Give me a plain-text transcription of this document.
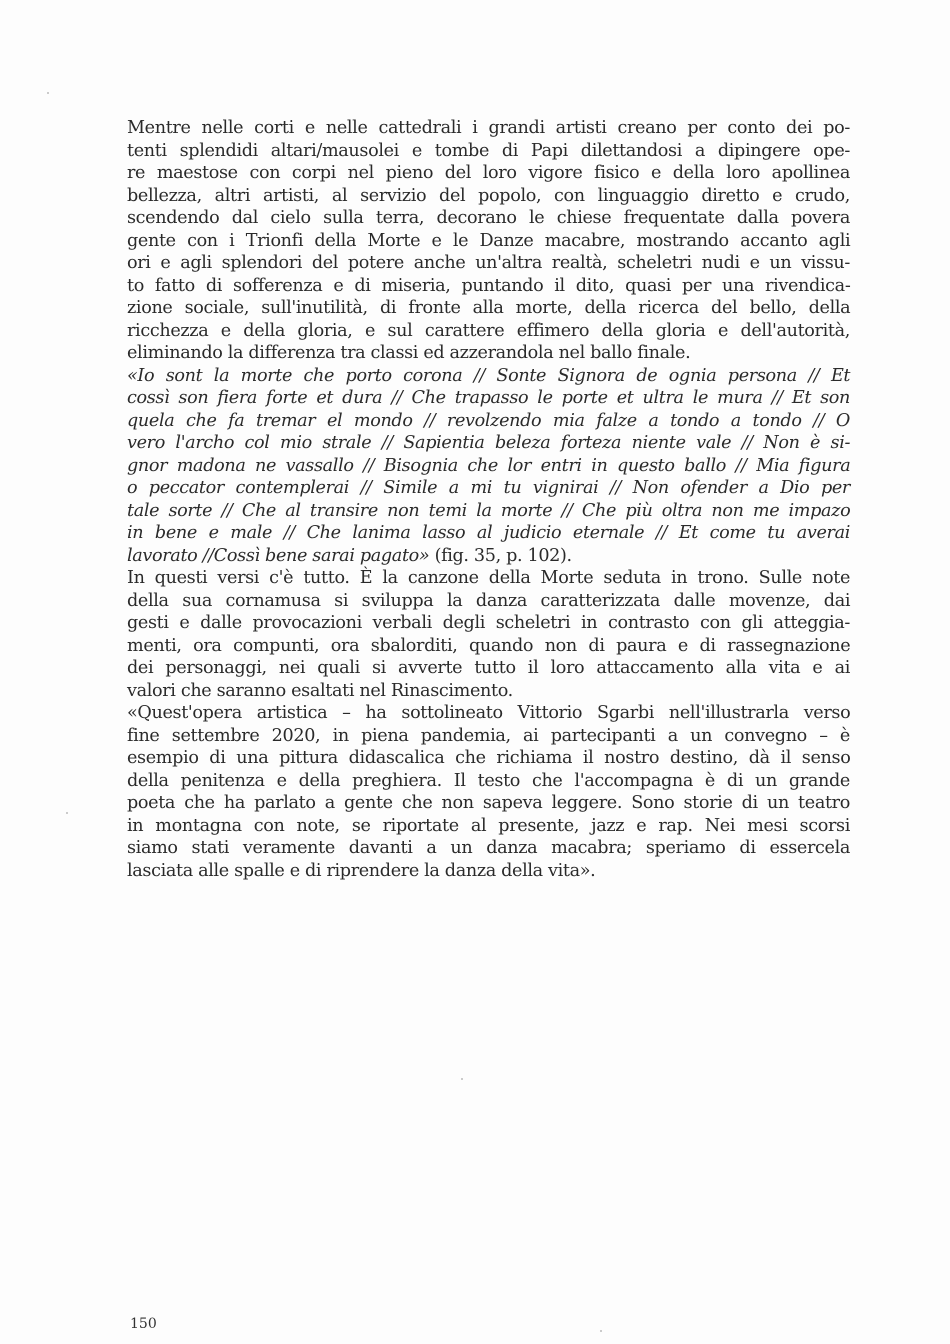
Mentre nelle corti e nelle cattedrali i grandi artisti creano per conto dei po-
tenti splendidi altari/mausolei e tombe di Papi dilettandosi a dipingere ope-
re maestose con corpi nel pieno del loro vigore fisico e della loro apollinea
bellezza, altri artisti, al servizio del popolo, con linguaggio diretto e crudo,
scendendo dal cielo sulla terra, decorano le chiese frequentate dalla povera
gente con i Trionfi della Morte e le Danze macabre, mostrando accanto agli
ori e agli splendori del potere anche un'altra realtà, scheletri nudi e un vissu-
to fatto di sofferenza e di miseria, puntando il dito, quasi per una rivendica-
zione sociale, sull'inutilità, di fronte alla morte, della ricerca del bello, della
ricchezza e della gloria, e sul carattere effimero della gloria e dell'autorità,
eliminando la differenza tra classi ed azzerandola nel ballo finale.
«Io sont la morte che porto corona // Sonte Signora de ognia persona // Et
cossì son fiera forte et dura // Che trapasso le porte et ultra le mura // Et son
quela che fa tremar el mondo // revolzendo mia falze a tondo a tondo // O
vero l'archo col mio strale // Sapientia beleza forteza niente vale // Non è si-
gnor madona ne vassallo // Bisognia che lor entri in questo ballo // Mia figura
o peccator contemplerai // Simile a mi tu vignirai // Non ofender a Dio per
tale sorte // Che al transire non temi la morte // Che più oltra non me impazo
in bene e male // Che lanima lasso al judicio eternale // Et come tu averai
lavorato //Cossì bene sarai pagato» (fig. 35, p. 102).
In questi versi c'è tutto. È la canzone della Morte seduta in trono. Sulle note
della sua cornamusa si sviluppa la danza caratterizzata dalle movenze, dai
gesti e dalle provocazioni verbali degli scheletri in contrasto con gli atteggia-
menti, ora compunti, ora sbalorditi, quando non di paura e di rassegnazione
dei personaggi, nei quali si avverte tutto il loro attaccamento alla vita e ai
valori che saranno esaltati nel Rinascimento.
«Quest'opera artistica – ha sottolineato Vittorio Sgarbi nell'illustrarla verso
fine settembre 2020, in piena pandemia, ai partecipanti a un convegno – è
esempio di una pittura didascalica che richiama il nostro destino, dà il senso
della penitenza e della preghiera. Il testo che l'accompagna è di un grande
poeta che ha parlato a gente che non sapeva leggere. Sono storie di un teatro
in montagna con note, se riportate al presente, jazz e rap. Nei mesi scorsi
siamo stati veramente davanti a un danza macabra; speriamo di essercela
lasciata alle spalle e di riprendere la danza della vita».
150
